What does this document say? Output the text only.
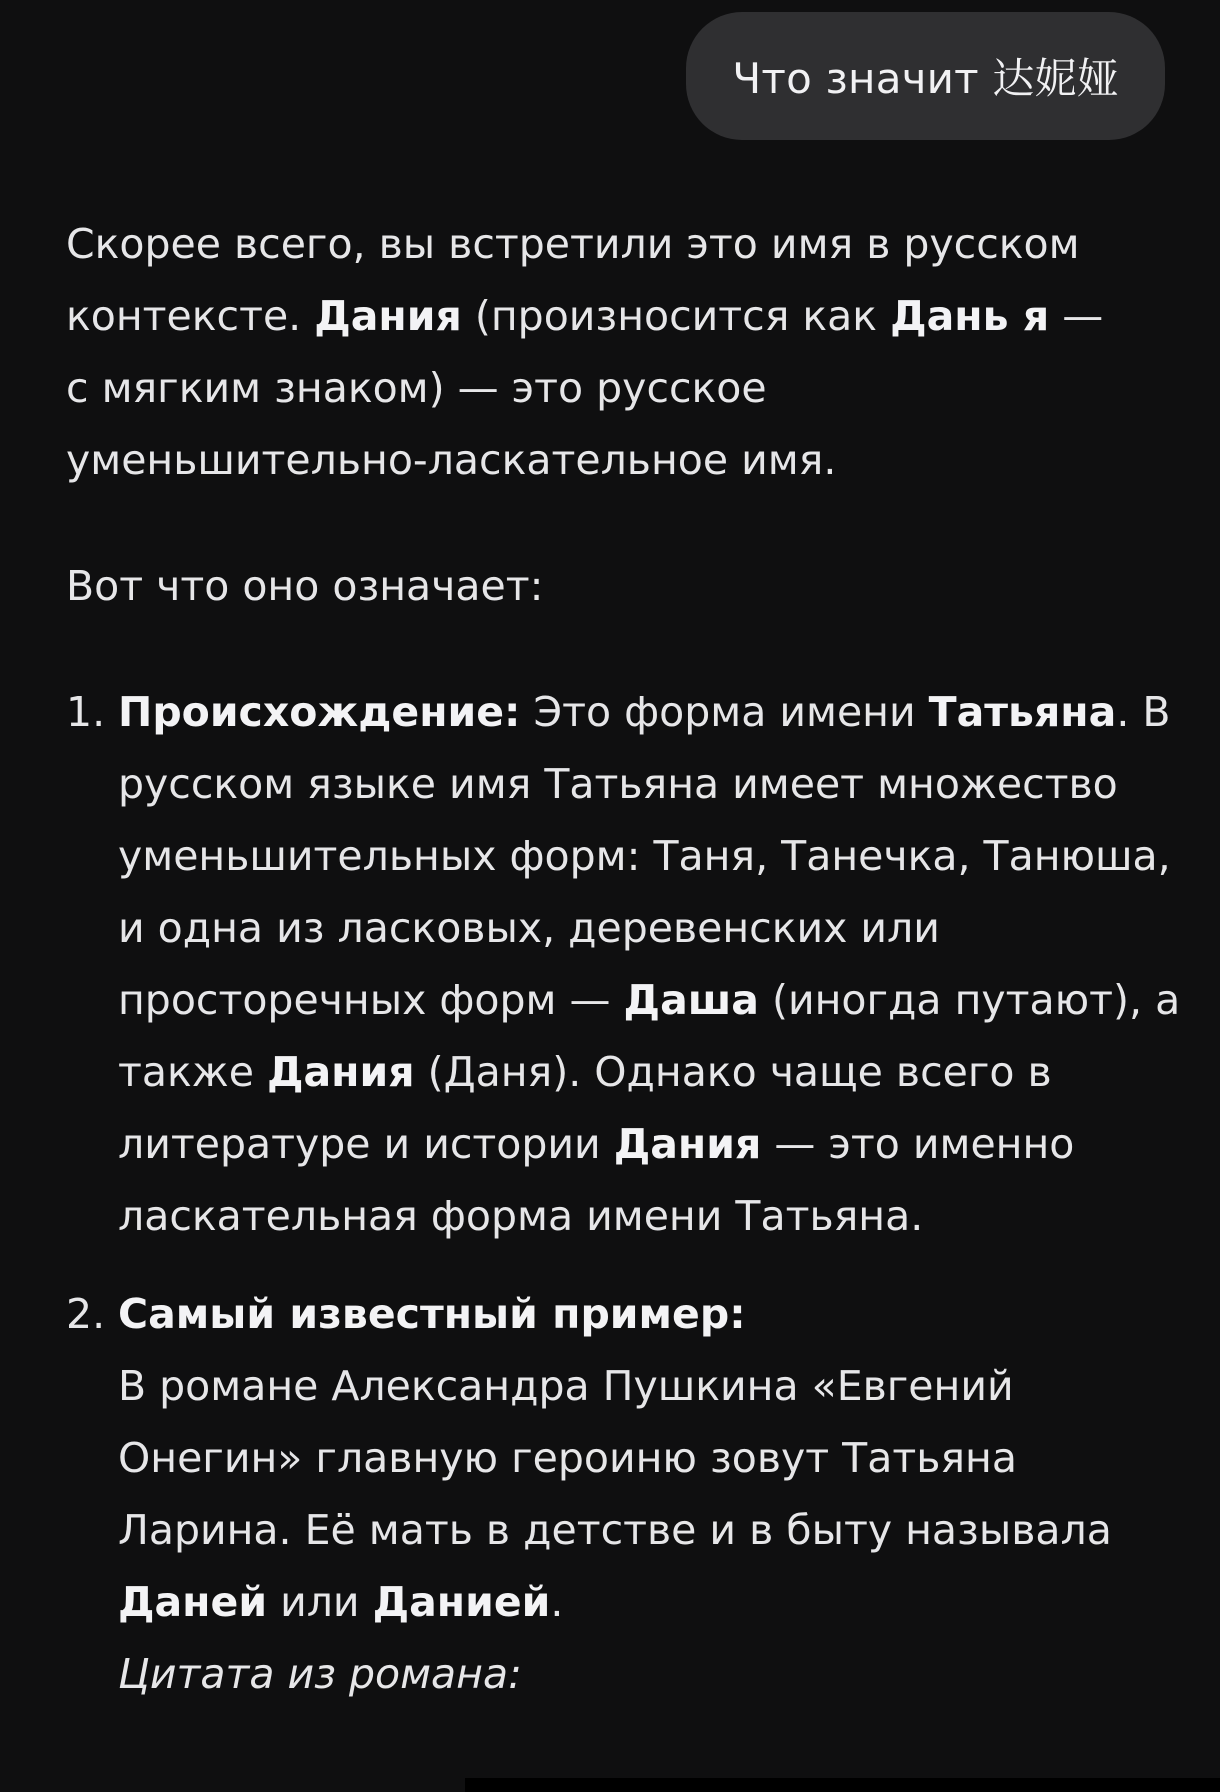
Что значит 达妮娅

Скорее всего, вы встретили это имя в русском контексте. Дания (произносится как Дань я — с мягким знаком) — это русское уменьшительно-ласкательное имя.

Вот что оно означает:

1. Происхождение: Это форма имени Татьяна. В русском языке имя Татьяна имеет множество уменьшительных форм: Таня, Танечка, Танюша, и одна из ласковых, деревенских или просторечных форм — Даша (иногда путают), а также Дания (Даня). Однако чаще всего в литературе и истории Дания — это именно ласкательная форма имени Татьяна.
2. Самый известный пример:
В романе Александра Пушкина «Евгений Онегин» главную героиню зовут Татьяна Ларина. Её мать в детстве и в быту называла Даней или Данией.
Цитата из романа:
